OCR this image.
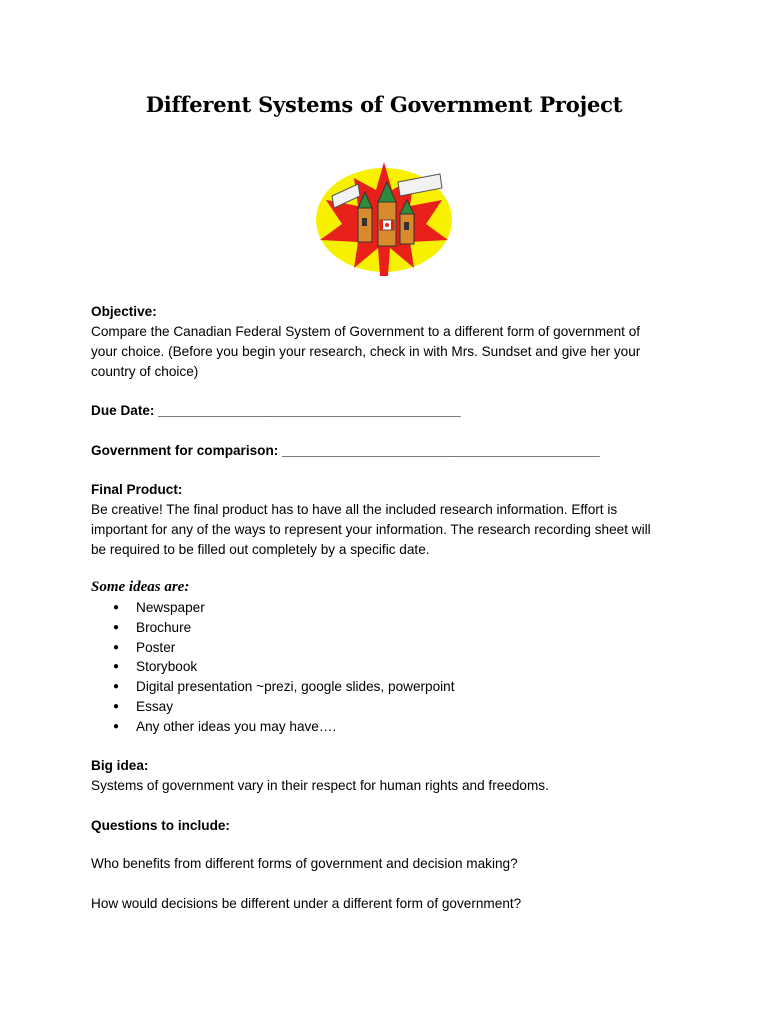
Different Systems of Government Project
Objective:
Compare the Canadian Federal System of Government to a different form of government of
your choice. (Before you begin your research, check in with Mrs. Sundset and give her your
country of choice)
Due Date: ________________________________________
Government for comparison: __________________________________________
Final Product:
Be creative! The final product has to have all the included research information. Effort is
important for any of the ways to represent your information. The research recording sheet will
be required to be filled out completely by a specific date.
Some ideas are:
● Newspaper
● Brochure
● Poster
● Storybook
● Digital presentation ~prezi, google slides, powerpoint
● Essay
● Any other ideas you may have….
Big idea:
Systems of government vary in their respect for human rights and freedoms.
Questions to include:
Who benefits from different forms of government and decision making?
How would decisions be different under a different form of government?
